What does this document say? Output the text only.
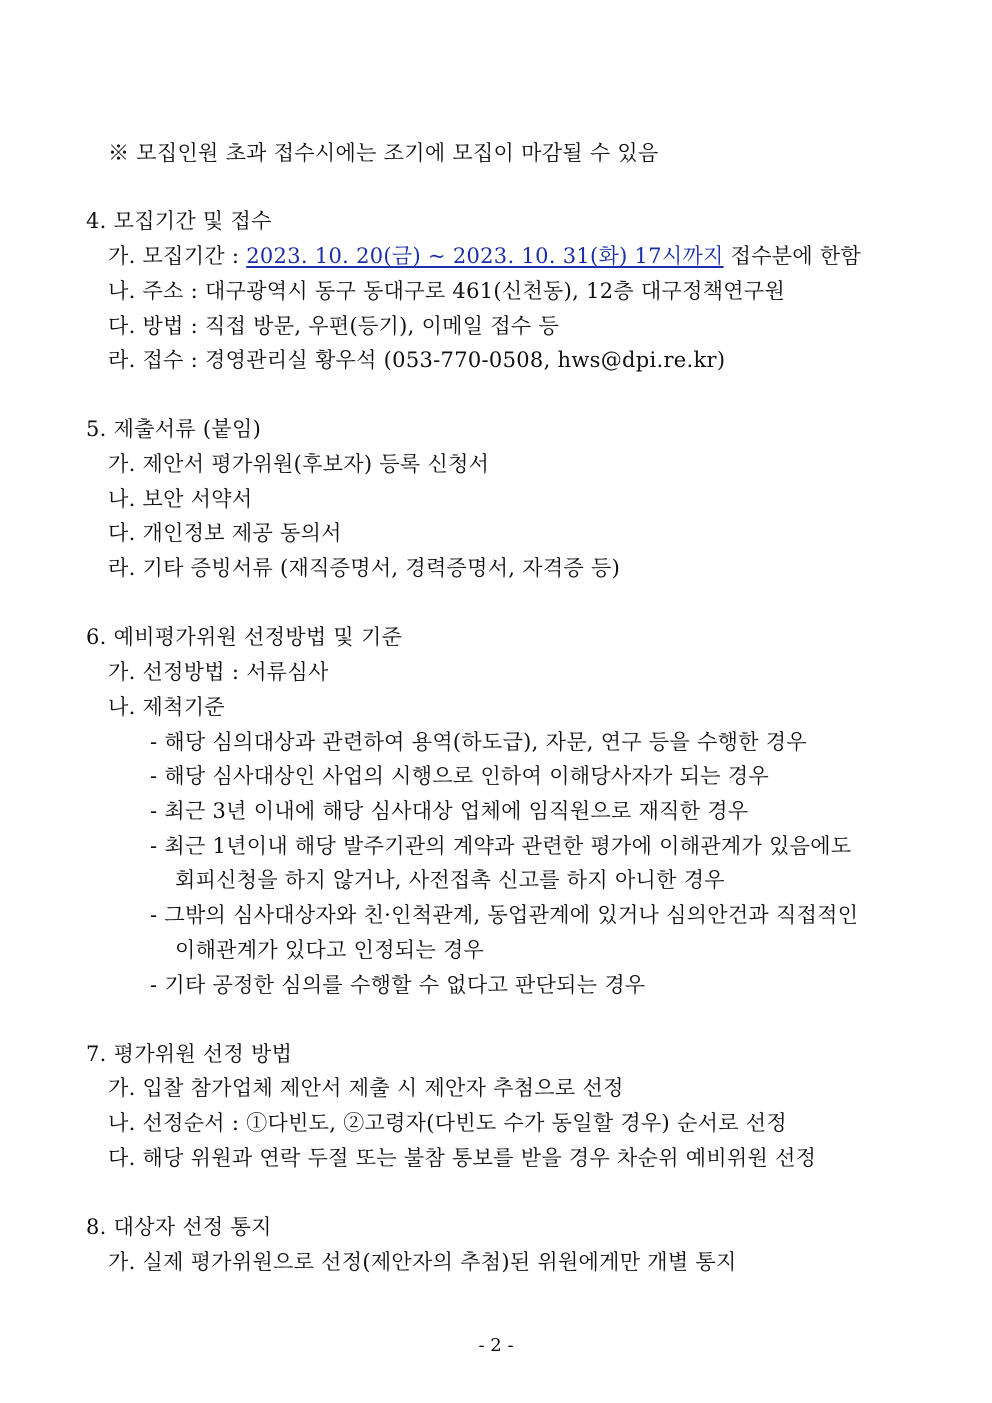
※ 모집인원 초과 접수시에는 조기에 모집이 마감될 수 있음
4. 모집기간 및 접수
가. 모집기간 : 2023. 10. 20(금) ~ 2023. 10. 31(화) 17시까지 접수분에 한함
나. 주소 : 대구광역시 동구 동대구로 461(신천동), 12층 대구정책연구원
다. 방법 : 직접 방문, 우편(등기), 이메일 접수 등
라. 접수 : 경영관리실 황우석 (053-770-0508, hws@dpi.re.kr)
5. 제출서류 (붙임)
가. 제안서 평가위원(후보자) 등록 신청서
나. 보안 서약서
다. 개인정보 제공 동의서
라. 기타 증빙서류 (재직증명서, 경력증명서, 자격증 등)
6. 예비평가위원 선정방법 및 기준
가. 선정방법 : 서류심사
나. 제척기준
- 해당 심의대상과 관련하여 용역(하도급), 자문, 연구 등을 수행한 경우
- 해당 심사대상인 사업의 시행으로 인하여 이해당사자가 되는 경우
- 최근 3년 이내에 해당 심사대상 업체에 임직원으로 재직한 경우
- 최근 1년이내 해당 발주기관의 계약과 관련한 평가에 이해관계가 있음에도
회피신청을 하지 않거나, 사전접촉 신고를 하지 아니한 경우
- 그밖의 심사대상자와 친·인척관계, 동업관계에 있거나 심의안건과 직접적인
이해관계가 있다고 인정되는 경우
- 기타 공정한 심의를 수행할 수 없다고 판단되는 경우
7. 평가위원 선정 방법
가. 입찰 참가업체 제안서 제출 시 제안자 추첨으로 선정
나. 선정순서 : ①다빈도, ②고령자(다빈도 수가 동일할 경우) 순서로 선정
다. 해당 위원과 연락 두절 또는 불참 통보를 받을 경우 차순위 예비위원 선정
8. 대상자 선정 통지
가. 실제 평가위원으로 선정(제안자의 추첨)된 위원에게만 개별 통지
- 2 -
